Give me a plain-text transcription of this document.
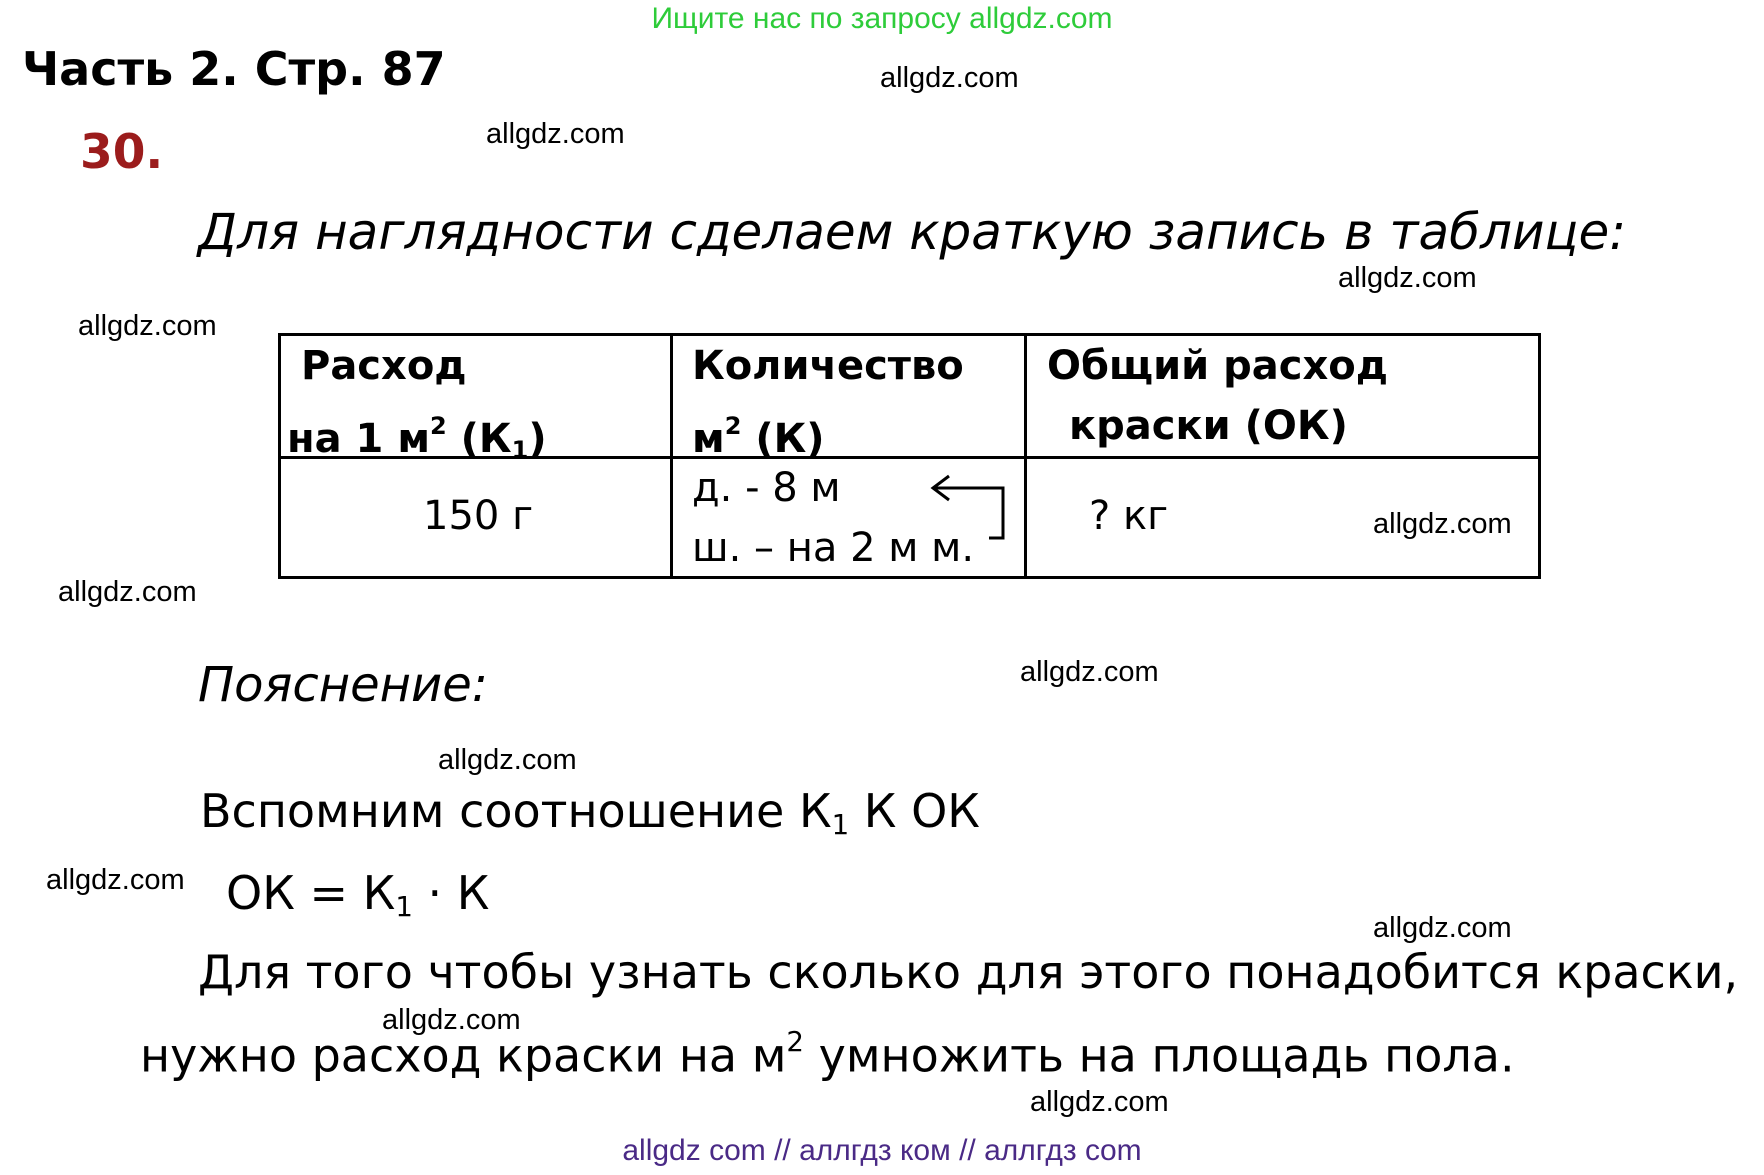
Ищите нас по запросу allgdz.com
Часть 2. Стр. 87
30.
Для наглядности сделаем краткую запись в таблице:
Расход
на 1 $м^2$ $(К_1)$
Количество
$м^2$ (К)
Общий расход
краски (ОК)
150 г
д. - 8 м
ш. – на 2 м м.
? кг
Пояснение:
Вспомним соотношение $К_1$ К ОК
ОК = $К_1 \cdot К$
Для того чтобы узнать сколько для этого понадобится краски,
нужно расход краски на $м^2$ умножить на площадь пола.
allgdz.com
allgdz.com
allgdz.com
allgdz.com
allgdz.com
allgdz.com
allgdz.com
allgdz.com
allgdz.com
allgdz.com
allgdz.com
allgdz.com
allgdz com // аллгдз ком // аллгдз com
